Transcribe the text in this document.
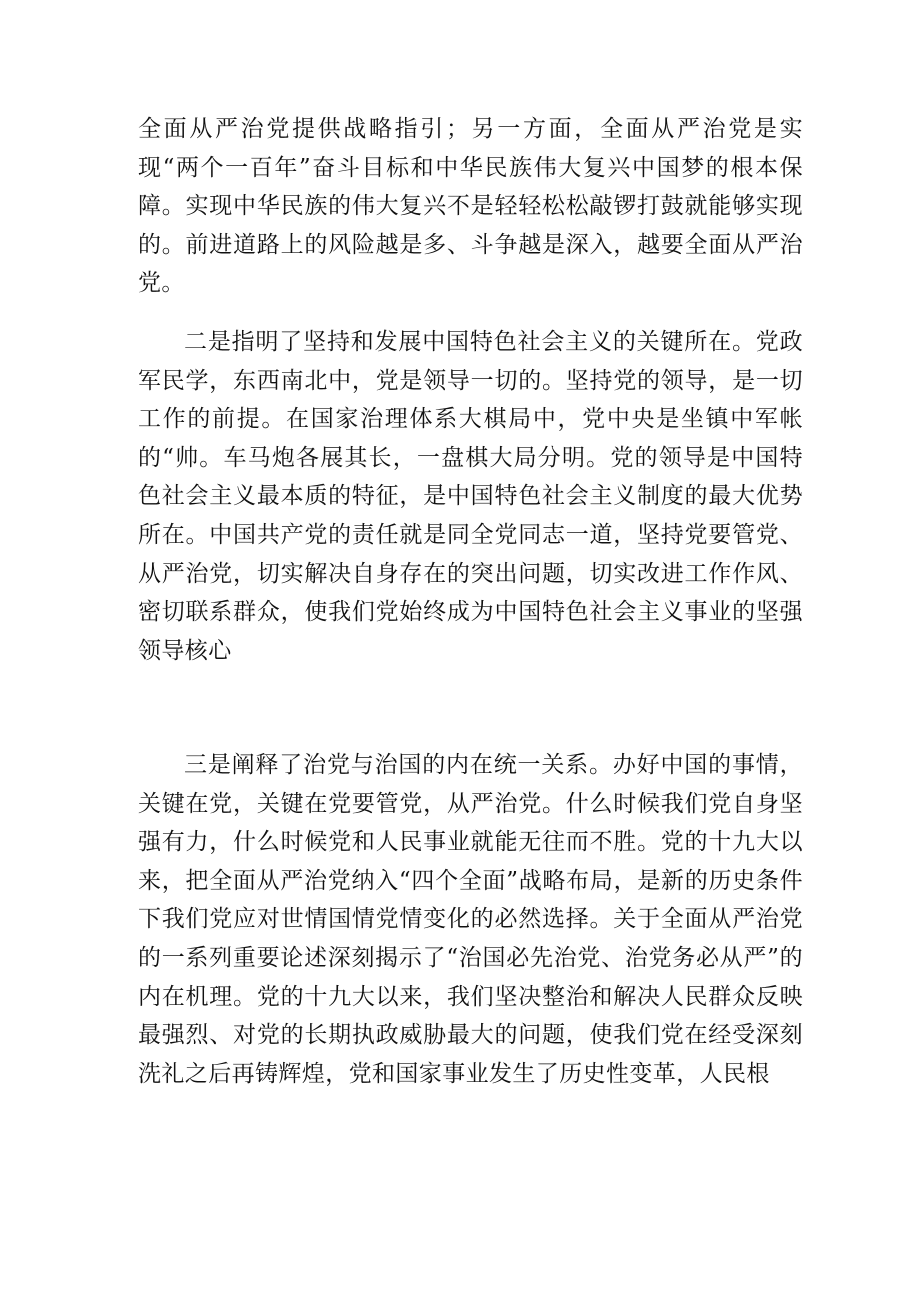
全面从严治党提供战略指引；另一方面，全面从严治党是实现“两个一百年”奋斗目标和中华民族伟大复兴中国梦的根本保障。实现中华民族的伟大复兴不是轻轻松松敲锣打鼓就能够实现的。前进道路上的风险越是多、斗争越是深入，越要全面从严治党。

二是指明了坚持和发展中国特色社会主义的关键所在。党政军民学，东西南北中，党是领导一切的。坚持党的领导，是一切工作的前提。在国家治理体系大棋局中，党中央是坐镇中军帐的“帅。车马炮各展其长，一盘棋大局分明。党的领导是中国特色社会主义最本质的特征，是中国特色社会主义制度的最大优势所在。中国共产党的责任就是同全党同志一道，坚持党要管党、从严治党，切实解决自身存在的突出问题，切实改进工作作风、密切联系群众，使我们党始终成为中国特色社会主义事业的坚强领导核心

三是阐释了治党与治国的内在统一关系。办好中国的事情，关键在党，关键在党要管党，从严治党。什么时候我们党自身坚强有力，什么时候党和人民事业就能无往而不胜。党的十九大以来，把全面从严治党纳入“四个全面”战略布局，是新的历史条件下我们党应对世情国情党情变化的必然选择。关于全面从严治党的一系列重要论述深刻揭示了“治国必先治党、治党务必从严”的内在机理。党的十九大以来，我们坚决整治和解决人民群众反映最强烈、对党的长期执政威胁最大的问题，使我们党在经受深刻洗礼之后再铸辉煌，党和国家事业发生了历史性变革，人民根
